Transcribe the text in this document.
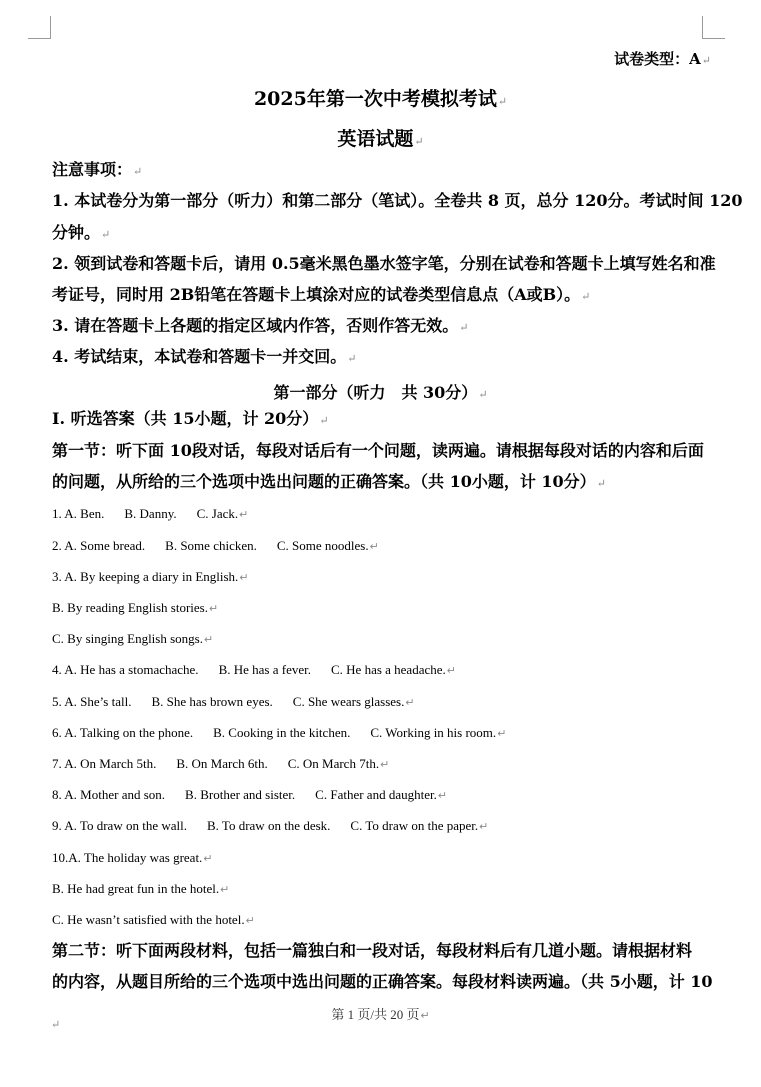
试卷类型：A↵
2025年第一次中考模拟考试↵
英语试题↵
注意事项：↵
1. 本试卷分为第一部分（听力）和第二部分（笔试）。全卷共 8 页，总分 120分。考试时间 120
分钟。↵
2. 领到试卷和答题卡后，请用 0.5毫米黑色墨水签字笔，分别在试卷和答题卡上填写姓名和准
考证号，同时用 2B铅笔在答题卡上填涂对应的试卷类型信息点（A或B）。↵
3. 请在答题卡上各题的指定区域内作答，否则作答无效。↵
4. 考试结束，本试卷和答题卡一并交回。↵
第一部分（听力　共 30分）↵
Ⅰ. 听选答案（共 15小题，计 20分）↵
第一节：听下面 10段对话，每段对话后有一个问题，读两遍。请根据每段对话的内容和后面
的问题，从所给的三个选项中选出问题的正确答案。（共 10小题，计 10分）↵
1. A. Ben. B. Danny. C. Jack.↵
2. A. Some bread. B. Some chicken. C. Some noodles.↵
3. A. By keeping a diary in English.↵
B. By reading English stories.↵
C. By singing English songs.↵
4. A. He has a stomachache. B. He has a fever. C. He has a headache.↵
5. A. She’s tall. B. She has brown eyes. C. She wears glasses.↵
6. A. Talking on the phone. B. Cooking in the kitchen. C. Working in his room.↵
7. A. On March 5th. B. On March 6th. C. On March 7th.↵
8. A. Mother and son. B. Brother and sister. C. Father and daughter.↵
9. A. To draw on the wall. B. To draw on the desk. C. To draw on the paper.↵
10.A. The holiday was great.↵
B. He had great fun in the hotel.↵
C. He wasn’t satisfied with the hotel.↵
第二节：听下面两段材料，包括一篇独白和一段对话，每段材料后有几道小题。请根据材料
的内容，从题目所给的三个选项中选出问题的正确答案。每段材料读两遍。（共 5小题，计 10
第 1 页/共 20 页↵
↵
